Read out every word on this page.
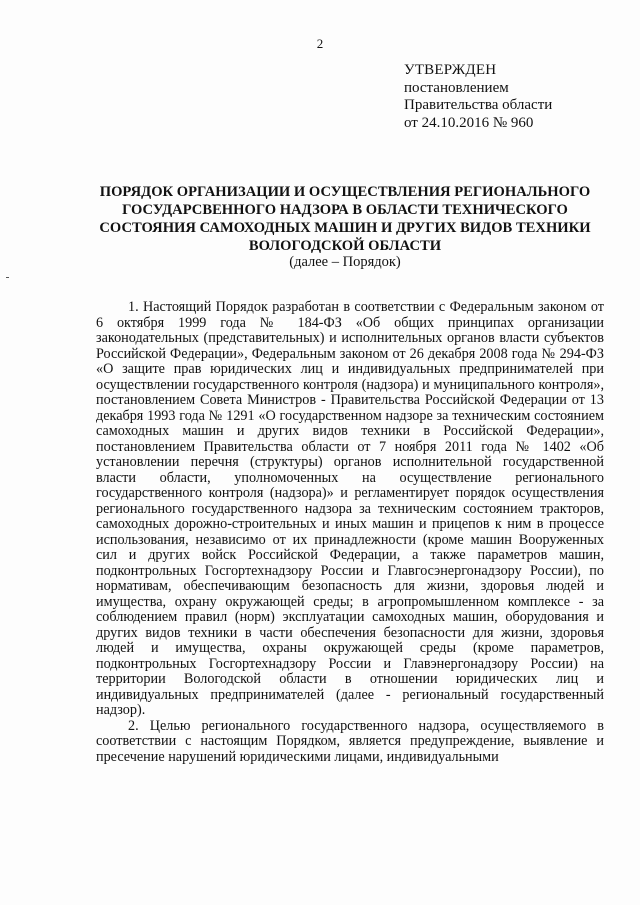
2
УТВЕРЖДЕН
постановлением
Правительства области
от 24.10.2016 № 960
ПОРЯДОК ОРГАНИЗАЦИИ И ОСУЩЕСТВЛЕНИЯ РЕГИОНАЛЬНОГО ГОСУДАРСВЕННОГО НАДЗОРА В ОБЛАСТИ ТЕХНИЧЕСКОГО СОСТОЯНИЯ САМОХОДНЫХ МАШИН И ДРУГИХ ВИДОВ ТЕХНИКИ ВОЛОГОДСКОЙ ОБЛАСТИ
(далее – Порядок)

1. Настоящий Порядок разработан в соответствии с Федеральным законом от 6 октября 1999 года № 184-ФЗ «Об общих принципах организации законодательных (представительных) и исполнительных органов власти субъектов Российской Федерации», Федеральным законом от 26 декабря 2008 года № 294-ФЗ «О защите прав юридических лиц и индивидуальных предпринимателей при осуществлении государственного контроля (надзора) и муниципального контроля», постановлением Совета Министров - Правительства Российской Федерации от 13 декабря 1993 года № 1291 «О государственном надзоре за техническим состоянием самоходных машин и других видов техники в Российской Федерации», постановлением Правительства области от 7 ноября 2011 года № 1402 «Об установлении перечня (структуры) органов исполнительной государственной власти области, уполномоченных на осуществление регионального государственного контроля (надзора)» и регламентирует порядок осуществления регионального государственного надзора за техническим состоянием тракторов, самоходных дорожно-строительных и иных машин и прицепов к ним в процессе использования, независимо от их принадлежности (кроме машин Вооруженных сил и других войск Российской Федерации, а также параметров машин, подконтрольных Госгортехнадзору России и Главгосэнергонадзору России), по нормативам, обеспечивающим безопасность для жизни, здоровья людей и имущества, охрану окружающей среды; в агропромышленном комплексе - за соблюдением правил (норм) эксплуатации самоходных машин, оборудования и других видов техники в части обеспечения безопасности для жизни, здоровья людей и имущества, охраны окружающей среды (кроме параметров, подконтрольных Госгортехнадзору России и Главэнергонадзору России) на территории Вологодской области в отношении юридических лиц и индивидуальных предпринимателей (далее - региональный государственный надзор).

2. Целью регионального государственного надзора, осуществляемого в соответствии с настоящим Порядком, является предупреждение, выявление и пресечение нарушений юридическими лицами, индивидуальными
